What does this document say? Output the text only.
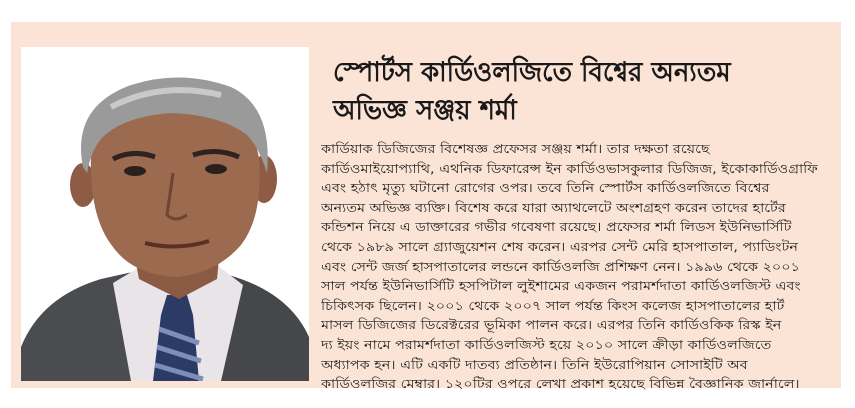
স্পোর্টস কার্ডিওলজিতে বিশ্বের অন্যতম
অভিজ্ঞ সঞ্জয় শর্মা
কার্ডিয়াক ডিজিজের বিশেষজ্ঞ প্রফেসর সঞ্জয় শর্মা। তার দক্ষতা রয়েছে
কার্ডিওমাইয়োপ্যাথি, এথনিক ডিফারেন্স ইন কার্ডিওভাসকুলার ডিজিজ, ইকোকার্ডিওগ্রাফি
এবং হঠাৎ মৃত্যু ঘটানো রোগের ওপর। তবে তিনি স্পোর্টস কার্ডিওলজিতে বিশ্বের
অন্যতম অভিজ্ঞ ব্যক্তি। বিশেষ করে যারা অ্যাথলেটে অংশগ্রহণ করেন তাদের হার্টের
কন্ডিশন নিয়ে এ ডাক্তারের গভীর গবেষণা রয়েছে। প্রফেসর শর্মা লিডস ইউনিভার্সিটি
থেকে ১৯৮৯ সালে গ্র্যাজুয়েশন শেষ করেন। এরপর সেন্ট মেরি হাসপাতাল, প্যাডিংটন
এবং সেন্ট জর্জ হাসপাতালের লন্ডনে কার্ডিওলজি প্রশিক্ষণ নেন। ১৯৯৬ থেকে ২০০১
সাল পর্যন্ত ইউনিভার্সিটি হসপিটাল লুইশামের একজন পরামর্শদাতা কার্ডিওলজিস্ট এবং
চিকিৎসক ছিলেন। ২০০১ থেকে ২০০৭ সাল পর্যন্ত কিংস কলেজ হাসপাতালের হার্ট
মাসল ডিজিজের ডিরেক্টরের ভূমিকা পালন করে। এরপর তিনি কার্ডিওকিক রিস্ক ইন
দ্য ইয়ং নামে পরামর্শদাতা কার্ডিওলজিস্ট হয়ে ২০১০ সালে ক্রীড়া কার্ডিওলজিতে
অধ্যাপক হন। এটি একটি দাতব্য প্রতিষ্ঠান। তিনি ইউরোপিয়ান সোসাইটি অব
কার্ডিওলজির মেম্বার। ১২০টির ওপরে লেখা প্রকাশ হয়েছে বিভিন্ন বৈজ্ঞানিক জার্নালে।
